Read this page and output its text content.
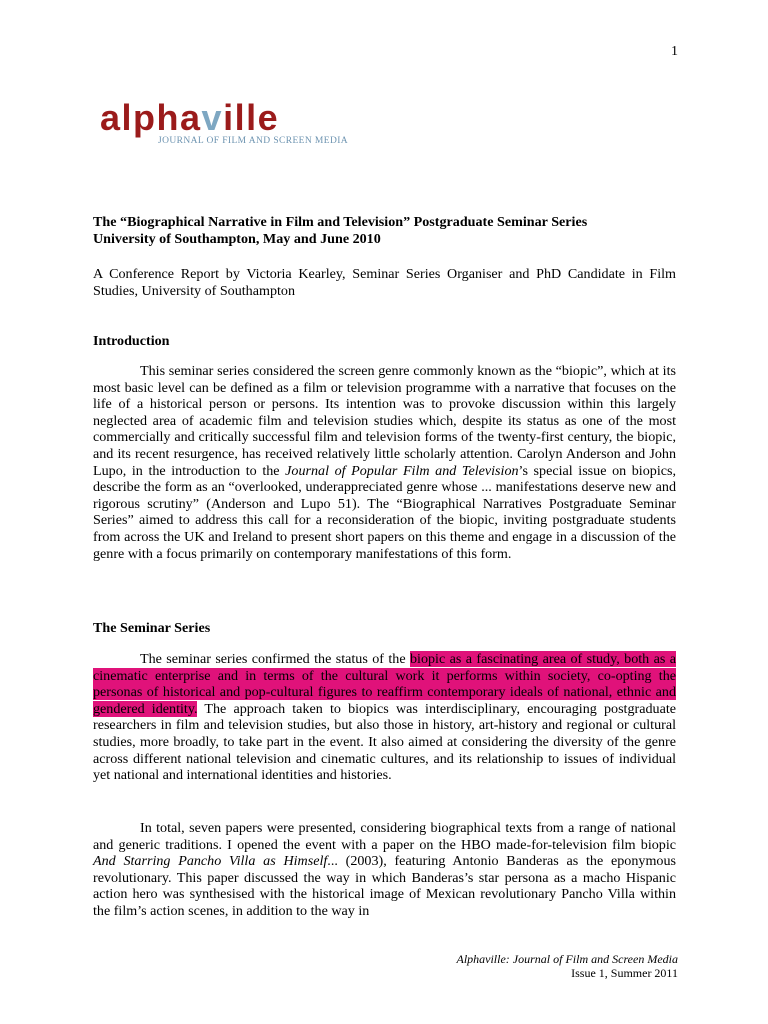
1
alphaville
JOURNAL OF FILM AND SCREEN MEDIA
The “Biographical Narrative in Film and Television” Postgraduate Seminar Series
University of Southampton, May and June 2010
A Conference Report by Victoria Kearley, Seminar Series Organiser and PhD Candidate in Film Studies, University of Southampton
Introduction

This seminar series considered the screen genre commonly known as the “biopic”, which at its most basic level can be defined as a film or television programme with a narrative that focuses on the life of a historical person or persons. Its intention was to provoke discussion within this largely neglected area of academic film and television studies which, despite its status as one of the most commercially and critically successful film and television forms of the twenty-first century, the biopic, and its recent resurgence, has received relatively little scholarly attention. Carolyn Anderson and John Lupo, in the introduction to the Journal of Popular Film and Television’s special issue on biopics, describe the form as an “overlooked, underappreciated genre whose ... manifestations deserve new and rigorous scrutiny” (Anderson and Lupo 51). The “Biographical Narratives Postgraduate Seminar Series” aimed to address this call for a reconsideration of the biopic, inviting postgraduate students from across the UK and Ireland to present short papers on this theme and engage in a discussion of the genre with a focus primarily on contemporary manifestations of this form.

The Seminar Series

The seminar series confirmed the status of the biopic as a fascinating area of study, both as a cinematic enterprise and in terms of the cultural work it performs within society, co-opting the personas of historical and pop-cultural figures to reaffirm contemporary ideals of national, ethnic and gendered identity. The approach taken to biopics was interdisciplinary, encouraging postgraduate researchers in film and television studies, but also those in history, art-history and regional or cultural studies, more broadly, to take part in the event. It also aimed at considering the diversity of the genre across different national television and cinematic cultures, and its relationship to issues of individual yet national and international identities and histories.

In total, seven papers were presented, considering biographical texts from a range of national and generic traditions. I opened the event with a paper on the HBO made-for-television film biopic And Starring Pancho Villa as Himself... (2003), featuring Antonio Banderas as the eponymous revolutionary. This paper discussed the way in which Banderas’s star persona as a macho Hispanic action hero was synthesised with the historical image of Mexican revolutionary Pancho Villa within the film’s action scenes, in addition to the way in

Alphaville: Journal of Film and Screen Media
Issue 1, Summer 2011
